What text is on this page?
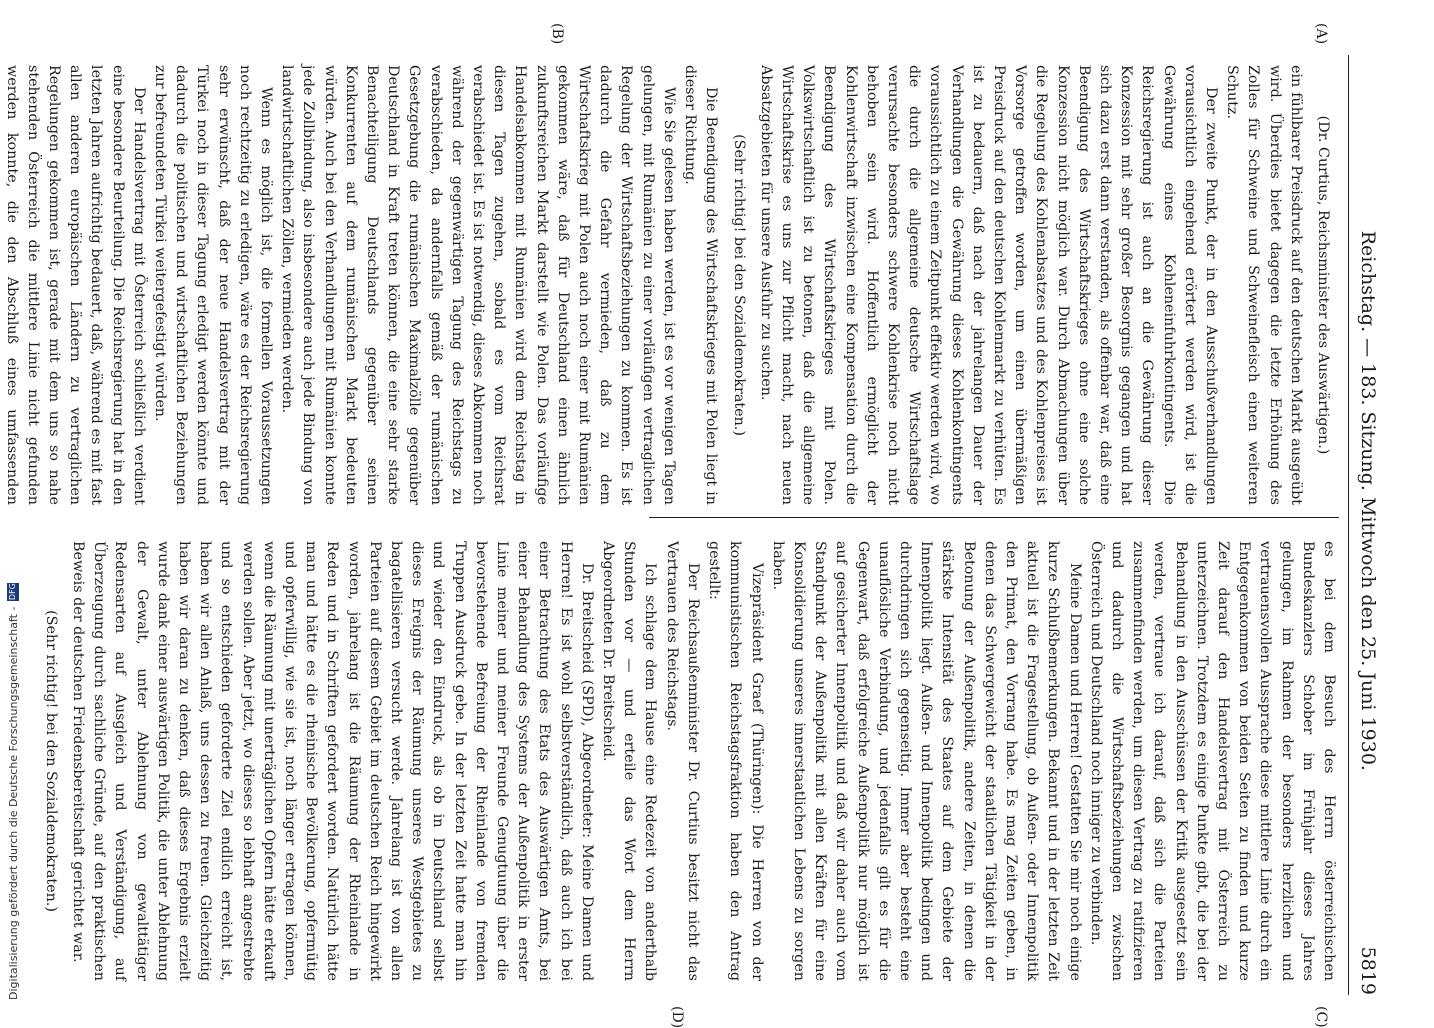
Reichstag. — 183. Sitzung. Mittwoch den 25. Juni 1930.
5819
(A)
(B)
(C)
(D)

(Dr. Curtius, Reichsminister des Auswärtigen.)

ein fühlbarer Preisdruck auf den deutschen Markt ausgeübt wird. Überdies bietet dagegen die letzte Erhöhung des Zolles für Schweine und Schweinefleisch einen weiteren Schutz.

Der zweite Punkt, der in den Ausschußverhandlungen vorausichtlich eingehend erörtert werden wird, ist die Gewährung eines Kohleneinfuhrkontingents. Die Reichsregierung ist auch an die Gewährung dieser Konzession mit sehr großer Besorgnis gegangen und hat sich dazu erst dann verstanden, als offenbar war, daß eine Beendigung des Wirtschaftskrieges ohne eine solche Konzession nicht möglich war. Durch Abmachungen über die Regelung des Kohlenabsatzes und des Kohlenpreises ist Vorsorge getroffen worden, um einen übermäßigen Preisdruck auf den deutschen Kohlenmarkt zu verhüten. Es ist zu bedauern, daß nach der jahrelangen Dauer der Verhandlungen die Gewährung dieses Kohlenkontingents voraussichtlich zu einem Zeitpunkt effektiv werden wird, wo die durch die allgemeine deutsche Wirtschaftslage verursachte besonders schwere Kohlenkrise noch nicht behoben sein wird. Hoffentlich ermöglicht der Kohlenwirtschaft inzwischen eine Kompensation durch die Beendigung des Wirtschaftskrieges mit Polen. Volkswirtschaftlich ist zu betonen, daß die allgemeine Wirtschaftskrise es uns zur Pflicht macht, nach neuen Absatzgebieten für unsere Ausfuhr zu suchen.

(Sehr richtig! bei den Sozialdemokraten.)

Die Beendigung des Wirtschaftskrieges mit Polen liegt in dieser Richtung.

Wie Sie gelesen haben werden, ist es vor wenigen Tagen gelungen, mit Rumänien zu einer vorläufigen vertraglichen Regelung der Wirtschaftsbeziehungen zu kommen. Es ist dadurch die Gefahr vermieden, daß zu dem Wirtschaftskrieg mit Polen auch noch einer mit Rumänien gekommen wäre, daß für Deutschland einen ähnlich zukunftsreichen Markt darstellt wie Polen. Das vorläufige Handelsabkommen mit Rumänien wird dem Reichstag in diesen Tagen zugehen, sobald es vom Reichsrat verabschiedet ist. Es ist notwendig, dieses Abkommen noch während der gegenwärtigen Tagung des Reichstags zu verabschieden, da andernfalls gemäß der rumänischen Gesetzgebung die rumänischen Maximalzölle gegenüber Deutschland in Kraft treten können, die eine sehr starke Benachteiligung Deutschlands gegenüber seinen Konkurrenten auf dem rumänischen Markt bedeuten würden. Auch bei den Verhandlungen mit Rumänien konnte jede Zollbindung, also insbesondere auch jede Bindung von landwirtschaftlichen Zöllen, vermieden werden.

Wenn es möglich ist, die formellen Voraussetzungen noch rechtzeitig zu erledigen, wäre es der Reichsregierung sehr erwünscht, daß der neue Handelsvertrag mit der Türkei noch in dieser Tagung erledigt werden könnte und dadurch die politischen und wirtschaftlichen Beziehungen zur befreundeten Türkei weitergefestigt würden.

Der Handelsvertrag mit Österreich schließlich verdient eine besondere Beurteilung. Die Reichsregierung hat in den letzten Jahren aufrichtig bedauert, daß, während es mit fast allen anderen europäischen Ländern zu vertraglichen Regelungen gekommen ist, gerade mit dem uns so nahe stehenden Österreich die mittlere Linie nicht gefunden werden konnte, die den Abschluß eines umfassenden

es bei dem Besuch des Herrn österreichischen Bundeskanzlers Schober im Frühjahr dieses Jahres gelungen, im Rahmen der besonders herzlichen und vertrauensvollen Aussprache diese mittlere Linie durch ein Entgegenkommen von beiden Seiten zu finden und kurze Zeit darauf den Handelsvertrag mit Österreich zu unterzeichnen. Trotzdem es einige Punkte gibt, die bei der Behandlung in den Ausschüssen der Kritik ausgesetzt sein werden, vertraue ich darauf, daß sich die Parteien zusammenfinden werden, um diesen Vertrag zu ratifizieren und dadurch die Wirtschaftsbeziehungen zwischen Österreich und Deutschland noch inniger zu verbinden.

Meine Damen und Herren! Gestatten Sie mir noch einige kurze Schlußbemerkungen. Bekannt und in der letzten Zeit aktuell ist die Fragestellung, ob Außen- oder Innenpolitik den Primat, den Vorrang habe. Es mag Zeiten geben, in denen das Schwergewicht der staatlichen Tätigkeit in der Betonung der Außenpolitik, andere Zeiten, in denen die stärkste Intensität des Staates auf dem Gebiete der Innenpolitik liegt. Außen- und Innenpolitik bedingen und durchdringen sich gegenseitig. Immer aber besteht eine unauflösliche Verbindung, und jedenfalls gilt es für die Gegenwart, daß erfolgreiche Außenpolitik nur möglich ist auf gesicherter Innenpolitik und daß wir daher auch vom Standpunkt der Außenpolitik mit allen Kräften für eine Konsolidierung unseres innerstaatlichen Lebens zu sorgen haben.

Vizepräsident Graef (Thüringen): Die Herren von der kommunistischen Reichstagsfraktion haben den Antrag gestellt:

Der Reichsaußenminister Dr. Curtius besitzt nicht das Vertrauen des Reichstags.

Ich schlage dem Hause eine Redezeit von anderthalb Stunden vor — und erteile das Wort dem Herrn Abgeordneten Dr. Breitscheid.

Dr. Breitscheid (SPD), Abgeordneter: Meine Damen und Herren! Es ist wohl selbstverständlich, daß auch ich bei einer Betrachtung des Etats des Auswärtigen Amts, bei einer Behandlung des Systems der Außenpolitik in erster Linie meiner und meiner Freunde Genugtuung über die bevorstehende Befreiung der Rheinlande von fremden Truppen Ausdruck gebe. In der letzten Zeit hatte man hin und wieder den Eindruck, als ob in Deutschland selbst dieses Ereignis der Räumung unseres Westgebietes zu bagatellisieren versucht werde. Jahrelang ist von allen Parteien auf diesem Gebiet im deutschen Reich hingewirkt worden, jahrelang ist die Räumung der Rheinlande in Reden und in Schriften gefordert worden. Natürlich hätte man und hätte es die rheinische Bevölkerung, opfermütig und opferwillig, wie sie ist, noch länger ertragen können, wenn die Räumung mit unerträglichen Opfern hätte erkauft werden sollen. Aber jetzt, wo dieses so lebhaft angestrebte und so entschieden geforderte Ziel endlich erreicht ist, haben wir allen Anlaß, uns dessen zu freuen. Gleichzeitig haben wir daran zu denken, daß dieses Ergebnis erzielt wurde dank einer auswärtigen Politik, die unter Ablehnung der Gewalt, unter Ablehnung von gewalttätiger Redensarten auf Ausgleich und Verständigung, auf Überzeugung durch sachliche Gründe, auf den praktischen Beweis der deutschen Friedensbereitschaft gerichtet war.

(Sehr richtig! bei den Sozialdemokraten.)

Digitalisierung gefördert durch die Deutsche Forschungsgemeinschaft -
DFG
